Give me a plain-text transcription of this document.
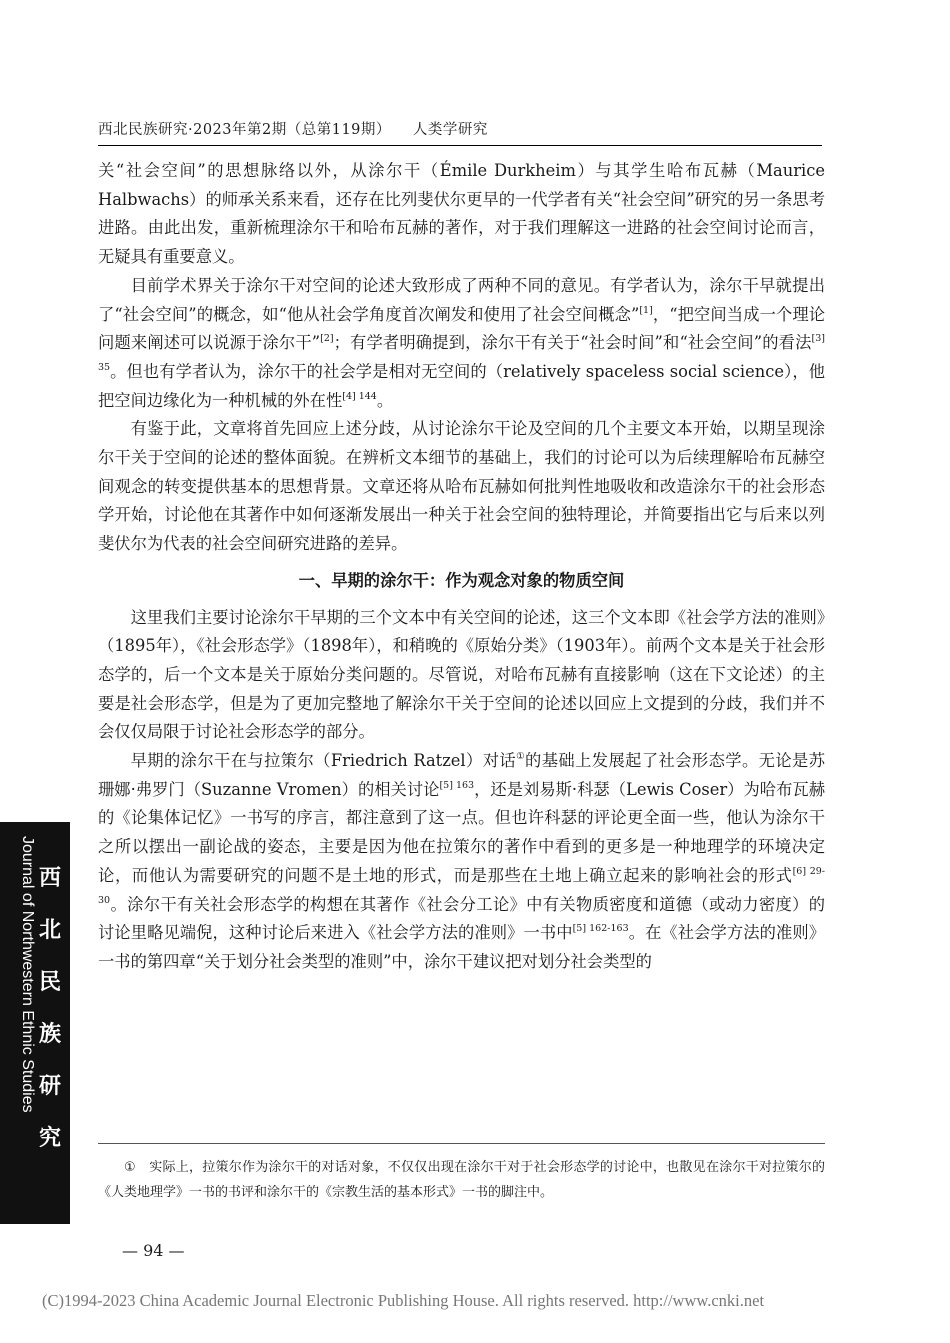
西北民族研究·2023年第2期（总第119期） 人类学研究

关“社会空间”的思想脉络以外，从涂尔干（Émile Durkheim）与其学生哈布瓦赫（Maurice Halbwachs）的师承关系来看，还存在比列斐伏尔更早的一代学者有关“社会空间”研究的另一条思考进路。由此出发，重新梳理涂尔干和哈布瓦赫的著作，对于我们理解这一进路的社会空间讨论而言，无疑具有重要意义。

目前学术界关于涂尔干对空间的论述大致形成了两种不同的意见。有学者认为，涂尔干早就提出了“社会空间”的概念，如“他从社会学角度首次阐发和使用了社会空间概念”[1]，“把空间当成一个理论问题来阐述可以说源于涂尔干”[2]；有学者明确提到，涂尔干有关于“社会时间”和“社会空间”的看法$^{[3] 35}$。但也有学者认为，涂尔干的社会学是相对无空间的（relatively spaceless social science），他把空间边缘化为一种机械的外在性$^{[4] 144}$。

有鉴于此，文章将首先回应上述分歧，从讨论涂尔干论及空间的几个主要文本开始，以期呈现涂尔干关于空间的论述的整体面貌。在辨析文本细节的基础上，我们的讨论可以为后续理解哈布瓦赫空间观念的转变提供基本的思想背景。文章还将从哈布瓦赫如何批判性地吸收和改造涂尔干的社会形态学开始，讨论他在其著作中如何逐渐发展出一种关于社会空间的独特理论，并简要指出它与后来以列斐伏尔为代表的社会空间研究进路的差异。

一、早期的涂尔干：作为观念对象的物质空间

这里我们主要讨论涂尔干早期的三个文本中有关空间的论述，这三个文本即《社会学方法的准则》（1895年），《社会形态学》（1898年），和稍晚的《原始分类》（1903年）。前两个文本是关于社会形态学的，后一个文本是关于原始分类问题的。尽管说，对哈布瓦赫有直接影响（这在下文论述）的主要是社会形态学，但是为了更加完整地了解涂尔干关于空间的论述以回应上文提到的分歧，我们并不会仅仅局限于讨论社会形态学的部分。

早期的涂尔干在与拉策尔（Friedrich Ratzel）对话①的基础上发展起了社会形态学。无论是苏珊娜·弗罗门（Suzanne Vromen）的相关讨论$^{[5] 163}$，还是刘易斯·科瑟（Lewis Coser）为哈布瓦赫的《论集体记忆》一书写的序言，都注意到了这一点。但也许科瑟的评论更全面一些，他认为涂尔干之所以摆出一副论战的姿态，主要是因为他在拉策尔的著作中看到的更多是一种地理学的环境决定论，而他认为需要研究的问题不是土地的形式，而是那些在土地上确立起来的影响社会的形式$^{[6] 29-30}$。涂尔干有关社会形态学的构想在其著作《社会分工论》中有关物质密度和道德（或动力密度）的讨论里略见端倪，这种讨论后来进入《社会学方法的准则》一书中$^{[5] 162-163}$。在《社会学方法的准则》一书的第四章“关于划分社会类型的准则”中，涂尔干建议把对划分社会类型的

①　 实际上，拉策尔作为涂尔干的对话对象，不仅仅出现在涂尔干对于社会形态学的讨论中，也散见在涂尔干对拉策尔的《人类地理学》一书的书评和涂尔干的《宗教生活的基本形式》一书的脚注中。

— 94 —
Journal of Northwestern Ethnic Studies 西
北
民
族
研
究
(C)1994-2023 China Academic Journal Electronic Publishing House. All rights reserved. http://www.cnki.net
